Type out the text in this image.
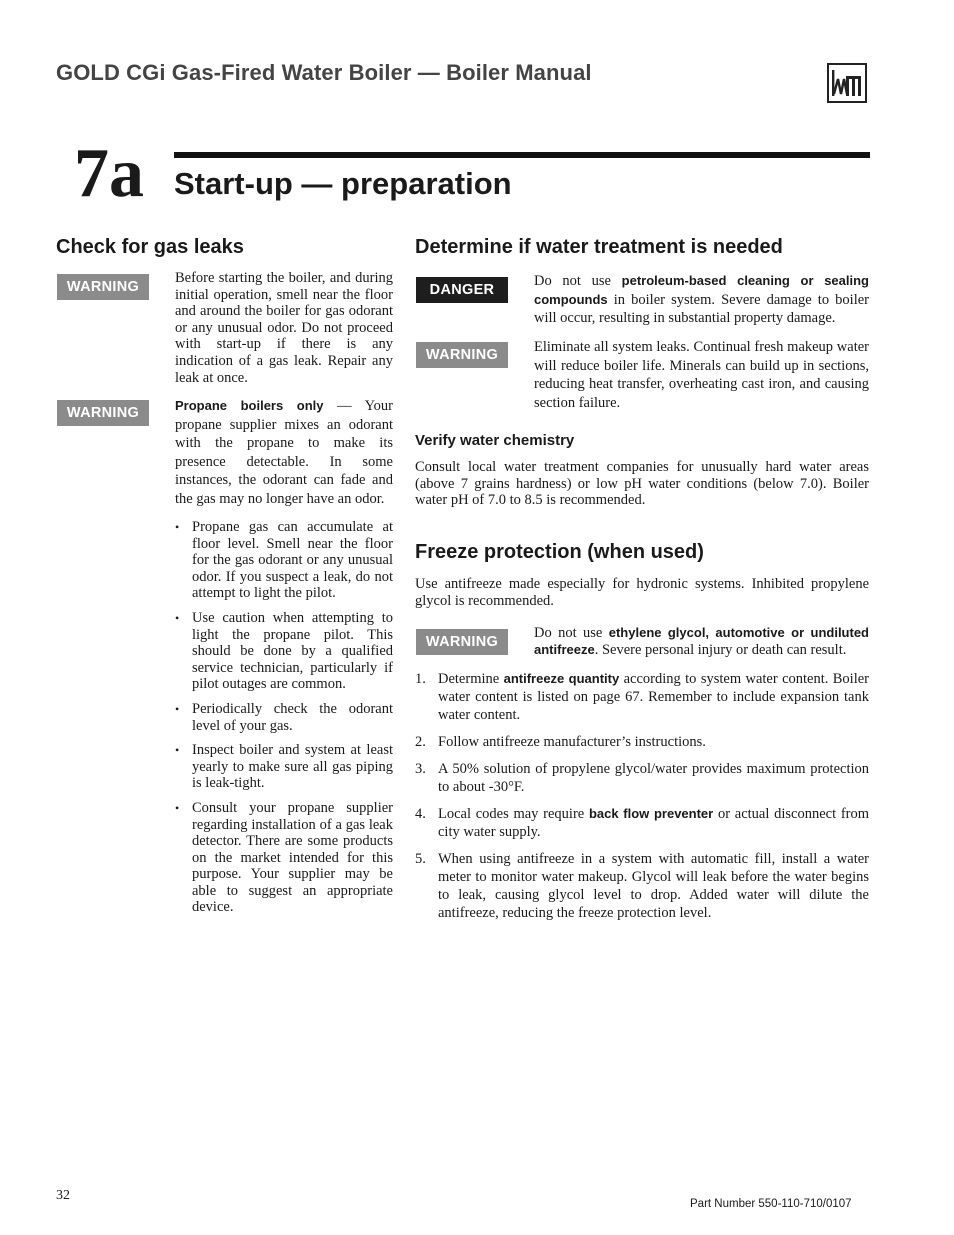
GOLD CGi Gas-Fired Water Boiler — Boiler Manual
7a Start-up — preparation
Check for gas leaks
WARNING
Before starting the boiler, and during initial operation, smell near the floor and around the boiler for gas odorant or any unusual odor. Do not proceed with start-up if there is any indication of a gas leak. Repair any leak at once.
WARNING	Propane boilers only — Your propane supplier mixes an odorant with the propane to make its presence detectable. In some instances, the odorant can fade and the gas may no longer have an odor.
• Propane gas can accumulate at floor level. Smell near the floor for the gas odorant or any unusual odor. If you suspect a leak, do not attempt to light the pilot.
• Use caution when attempting to light the propane pilot. This should be done by a qualified service technician, particularly if pilot outages are common.
• Periodically check the odorant level of your gas.
• Inspect boiler and system at least yearly to make sure all gas piping is leak-tight.
• Consult your propane supplier regarding installation of a gas leak detector. There are some products on the market intended for this purpose. Your supplier may be able to suggest an appropriate device.
Determine if water treatment is needed
DANGER
Do not use petroleum-based cleaning or sealing compounds in boiler system. Severe damage to boiler will occur, resulting in substantial property damage.
WARNING	Eliminate all system leaks. Continual fresh makeup water will reduce boiler life. Minerals can build up in sections, reducing heat transfer, overheating cast iron, and causing section failure.
Verify water chemistry
Consult local water treatment companies for unusually hard water areas (above 7 grains hardness) or low pH water conditions (below 7.0). Boiler water pH of 7.0 to 8.5 is recommended.
Freeze protection (when used)
Use antifreeze made especially for hydronic systems. Inhibited propylene glycol is recommended.
WARNING
Do not use ethylene glycol, automotive or undiluted antifreeze. Severe personal injury or death can result.
1. Determine antifreeze quantity according to system water content. Boiler water content is listed on page 67. Remember to include expansion tank water content.
2. Follow antifreeze manufacturer’s instructions.
3. A 50% solution of propylene glycol/water provides maximum protection to about -30°F.
4. Local codes may require back flow preventer or actual disconnect from city water supply.
5. When using antifreeze in a system with automatic fill, install a water meter to monitor water makeup. Glycol will leak before the water begins to leak, causing glycol level to drop. Added water will dilute the antifreeze, reducing the freeze protection level.
32
Part Number 550-110-710/0107
